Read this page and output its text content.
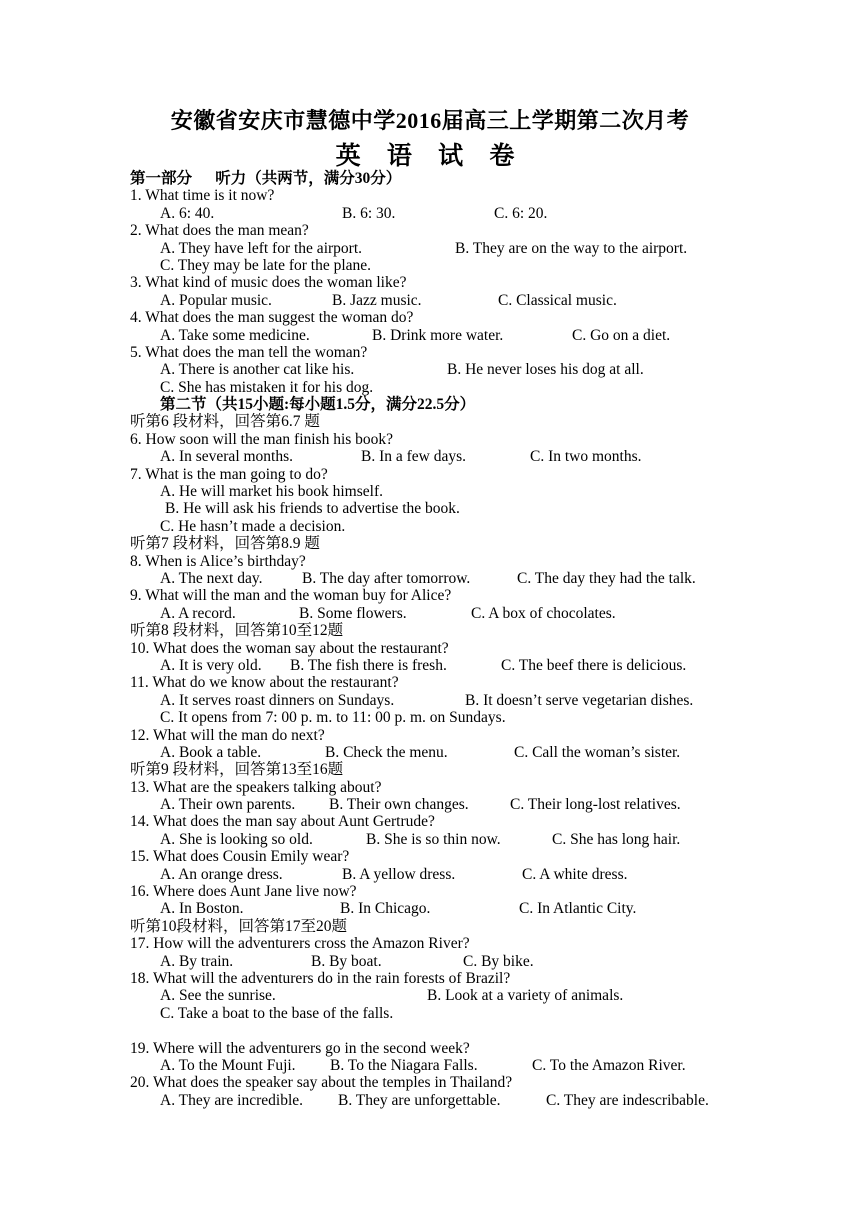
安徽省安庆市慧德中学2016届高三上学期第二次月考
英 语 试 卷
第一部分      听力（共两节，满分30分）
1. What time is it now?
A. 6: 40.	B. 6: 30.	C. 6: 20.
2. What does the man mean?
A. They have left for the airport.	B. They are on the way to the airport.
C. They may be late for the plane.
3. What kind of music does the woman like?
A. Popular music.	B. Jazz music.	C. Classical music.
4. What does the man suggest the woman do?
A. Take some medicine.	B. Drink more water.	C. Go on a diet.
5. What does the man tell the woman?
A. There is another cat like his.	B. He never loses his dog at all.
C. She has mistaken it for his dog.
第二节（共15小题:每小题1.5分，满分22.5分）
听第6 段材料，回答第6.7 题
6. How soon will the man finish his book?
A. In several months.	B. In a few days.	C. In two months.
7. What is the man going to do?
A. He will market his book himself.
B. He will ask his friends to advertise the book.
C. He hasn’t made a decision.
听第7 段材料，回答第8.9 题
8. When is Alice’s birthday?
A. The next day.	B. The day after tomorrow.	C. The day they had the talk.
9. What will the man and the woman buy for Alice?
A. A record.	B. Some flowers.	C. A box of chocolates.
听第8 段材料，回答第10至12题
10. What does the woman say about the restaurant?
A. It is very old. B. The fish there is fresh.	C. The beef there is delicious.
11. What do we know about the restaurant?
A. It serves roast dinners on Sundays.	B. It doesn’t serve vegetarian dishes.
C. It opens from 7: 00 p. m. to 11: 00 p. m. on Sundays.
12. What will the man do next?
A. Book a table.	B. Check the menu.	C. Call the woman’s sister.
听第9 段材料，回答第13至16题
13. What are the speakers talking about?
A. Their own parents. B. Their own changes.	C. Their long-lost relatives.
14. What does the man say about Aunt Gertrude?
A. She is looking so old.	B. She is so thin now.	C. She has long hair.
15. What does Cousin Emily wear?
A. An orange dress.	B. A yellow dress.	C. A white dress.
16. Where does Aunt Jane live now?
A. In Boston.	B. In Chicago.	C. In Atlantic City.
听第10段材料，回答第17至20题
17. How will the adventurers cross the Amazon River?
A. By train.	B. By boat.	C. By bike.
18. What will the adventurers do in the rain forests of Brazil?
A. See the sunrise.	B. Look at a variety of animals.
C. Take a boat to the base of the falls.
19. Where will the adventurers go in the second week?
A. To the Mount Fuji. B. To the Niagara Falls.	C. To the Amazon River.
20. What does the speaker say about the temples in Thailand?
A. They are incredible. B. They are unforgettable.	C. They are indescribable.
